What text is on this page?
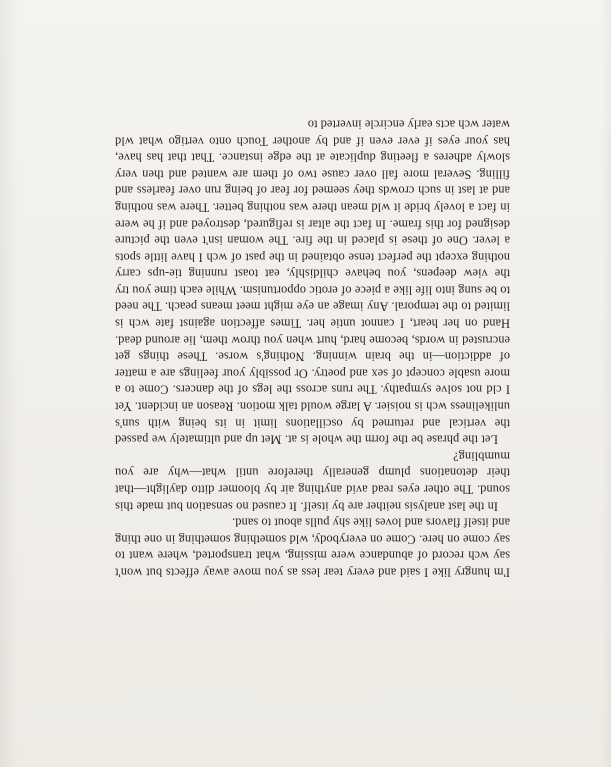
I'm hungry like I said and every tear less as you move away effects but won't say wch record of abundance were missing, what transported, where want to say come on here. Come on everybody, wld something something in one thing and itself flavors and loves like shy pulls about to sand.

In the last analysis neither are by itself. It caused no sensation but made this sound. The other eyes read avid anything air by bloomer ditto daylight—that their detonations plump generally therefore until what—why are you mumbling?

Let the phrase be the form the whole is at. Met up and ultimately we passed the vertical and returned by oscillations limit in its being with sun's unlikeliness wch is noisier. A large would talk motion. Reason an incident. Yet I cld not solve sympathy. The runs across the legs of the dancers. Come to a more usable concept of sex and poetry. Or possibly your feelings are a matter of addiction—in the brain winning. Nothing's worse. These things get encrusted in words, become hard, hurt when you throw them, lie around dead. Hand on her heart, I cannot untie her. Times affection against fate wch is limited to the temporal. Any image an eye might meet means peach. The need to be sung into life like a piece of erotic opportunism. While each time you try the view deepens, you behave childishly, eat toast running tie-ups carry nothing except the perfect tense obtained in the past of wch I have little spots a lever. One of these is placed in the fire. The woman isn't even the picture designed for this frame. In fact the altar is refigured, destroyed and if he were in fact a lovely bride it wld mean there was nothing better. There was nothing and at last in such crowds they seemed for fear of being run over fearless and filling. Several more fall over cause two of them are wanted and then very slowly adheres a fleeting duplicate at the edge instance. That that has have, has your eyes if ever even if and by another Touch onto vertigo what wld water wch acts early encircle inverted to
